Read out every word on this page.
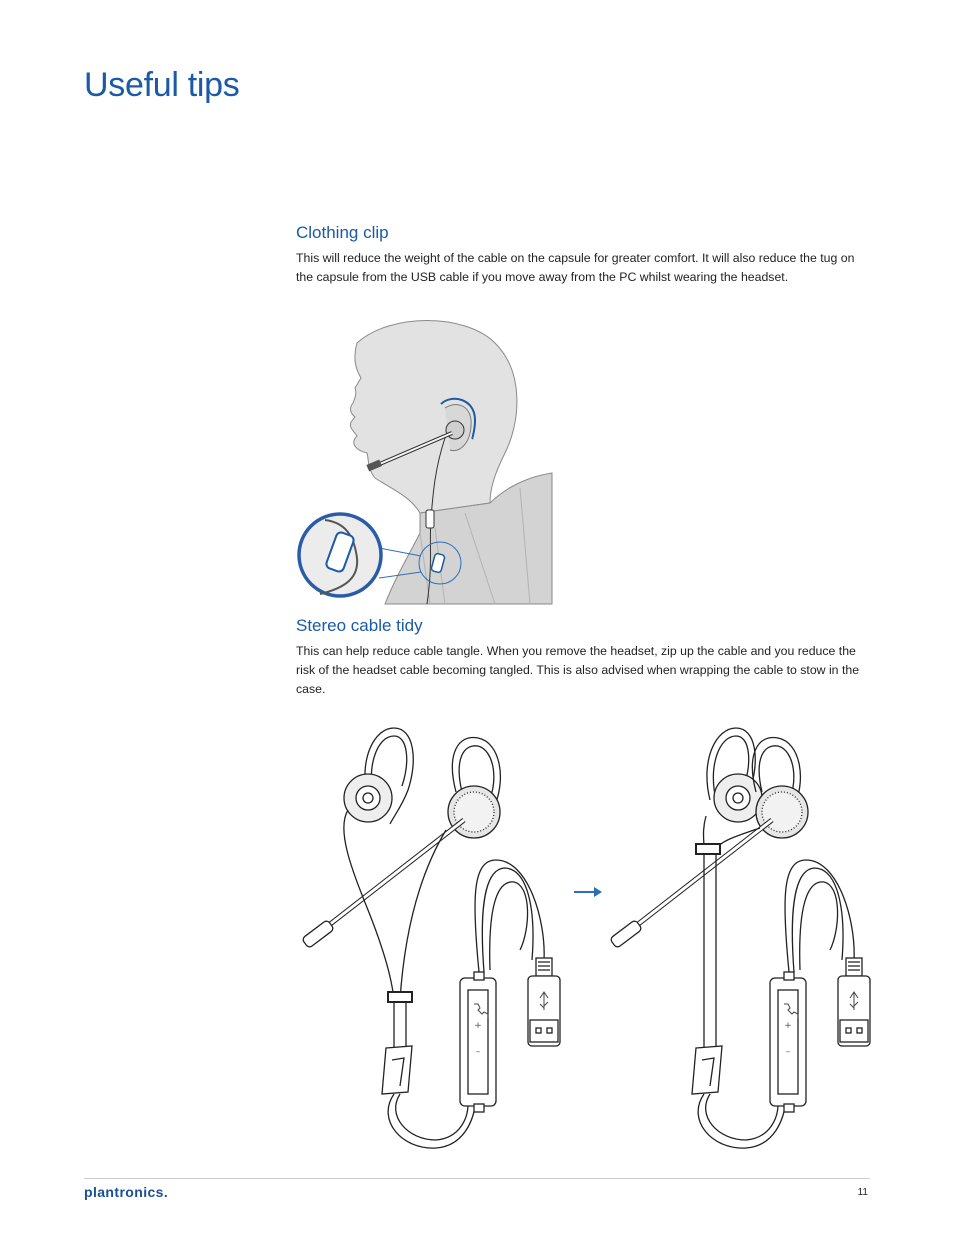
Useful tips
Clothing clip

This will reduce the weight of the cable on the capsule for greater comfort. It will also reduce the tug on the capsule from the USB cable if you move away from the PC whilst wearing the headset.

Stereo cable tidy

This can help reduce cable tangle. When you remove the headset, zip up the cable and you reduce the risk of the headset cable becoming tangled. This is also advised when wrapping the cable to stow in the case.

+
–
+
–
plantronics.	11
